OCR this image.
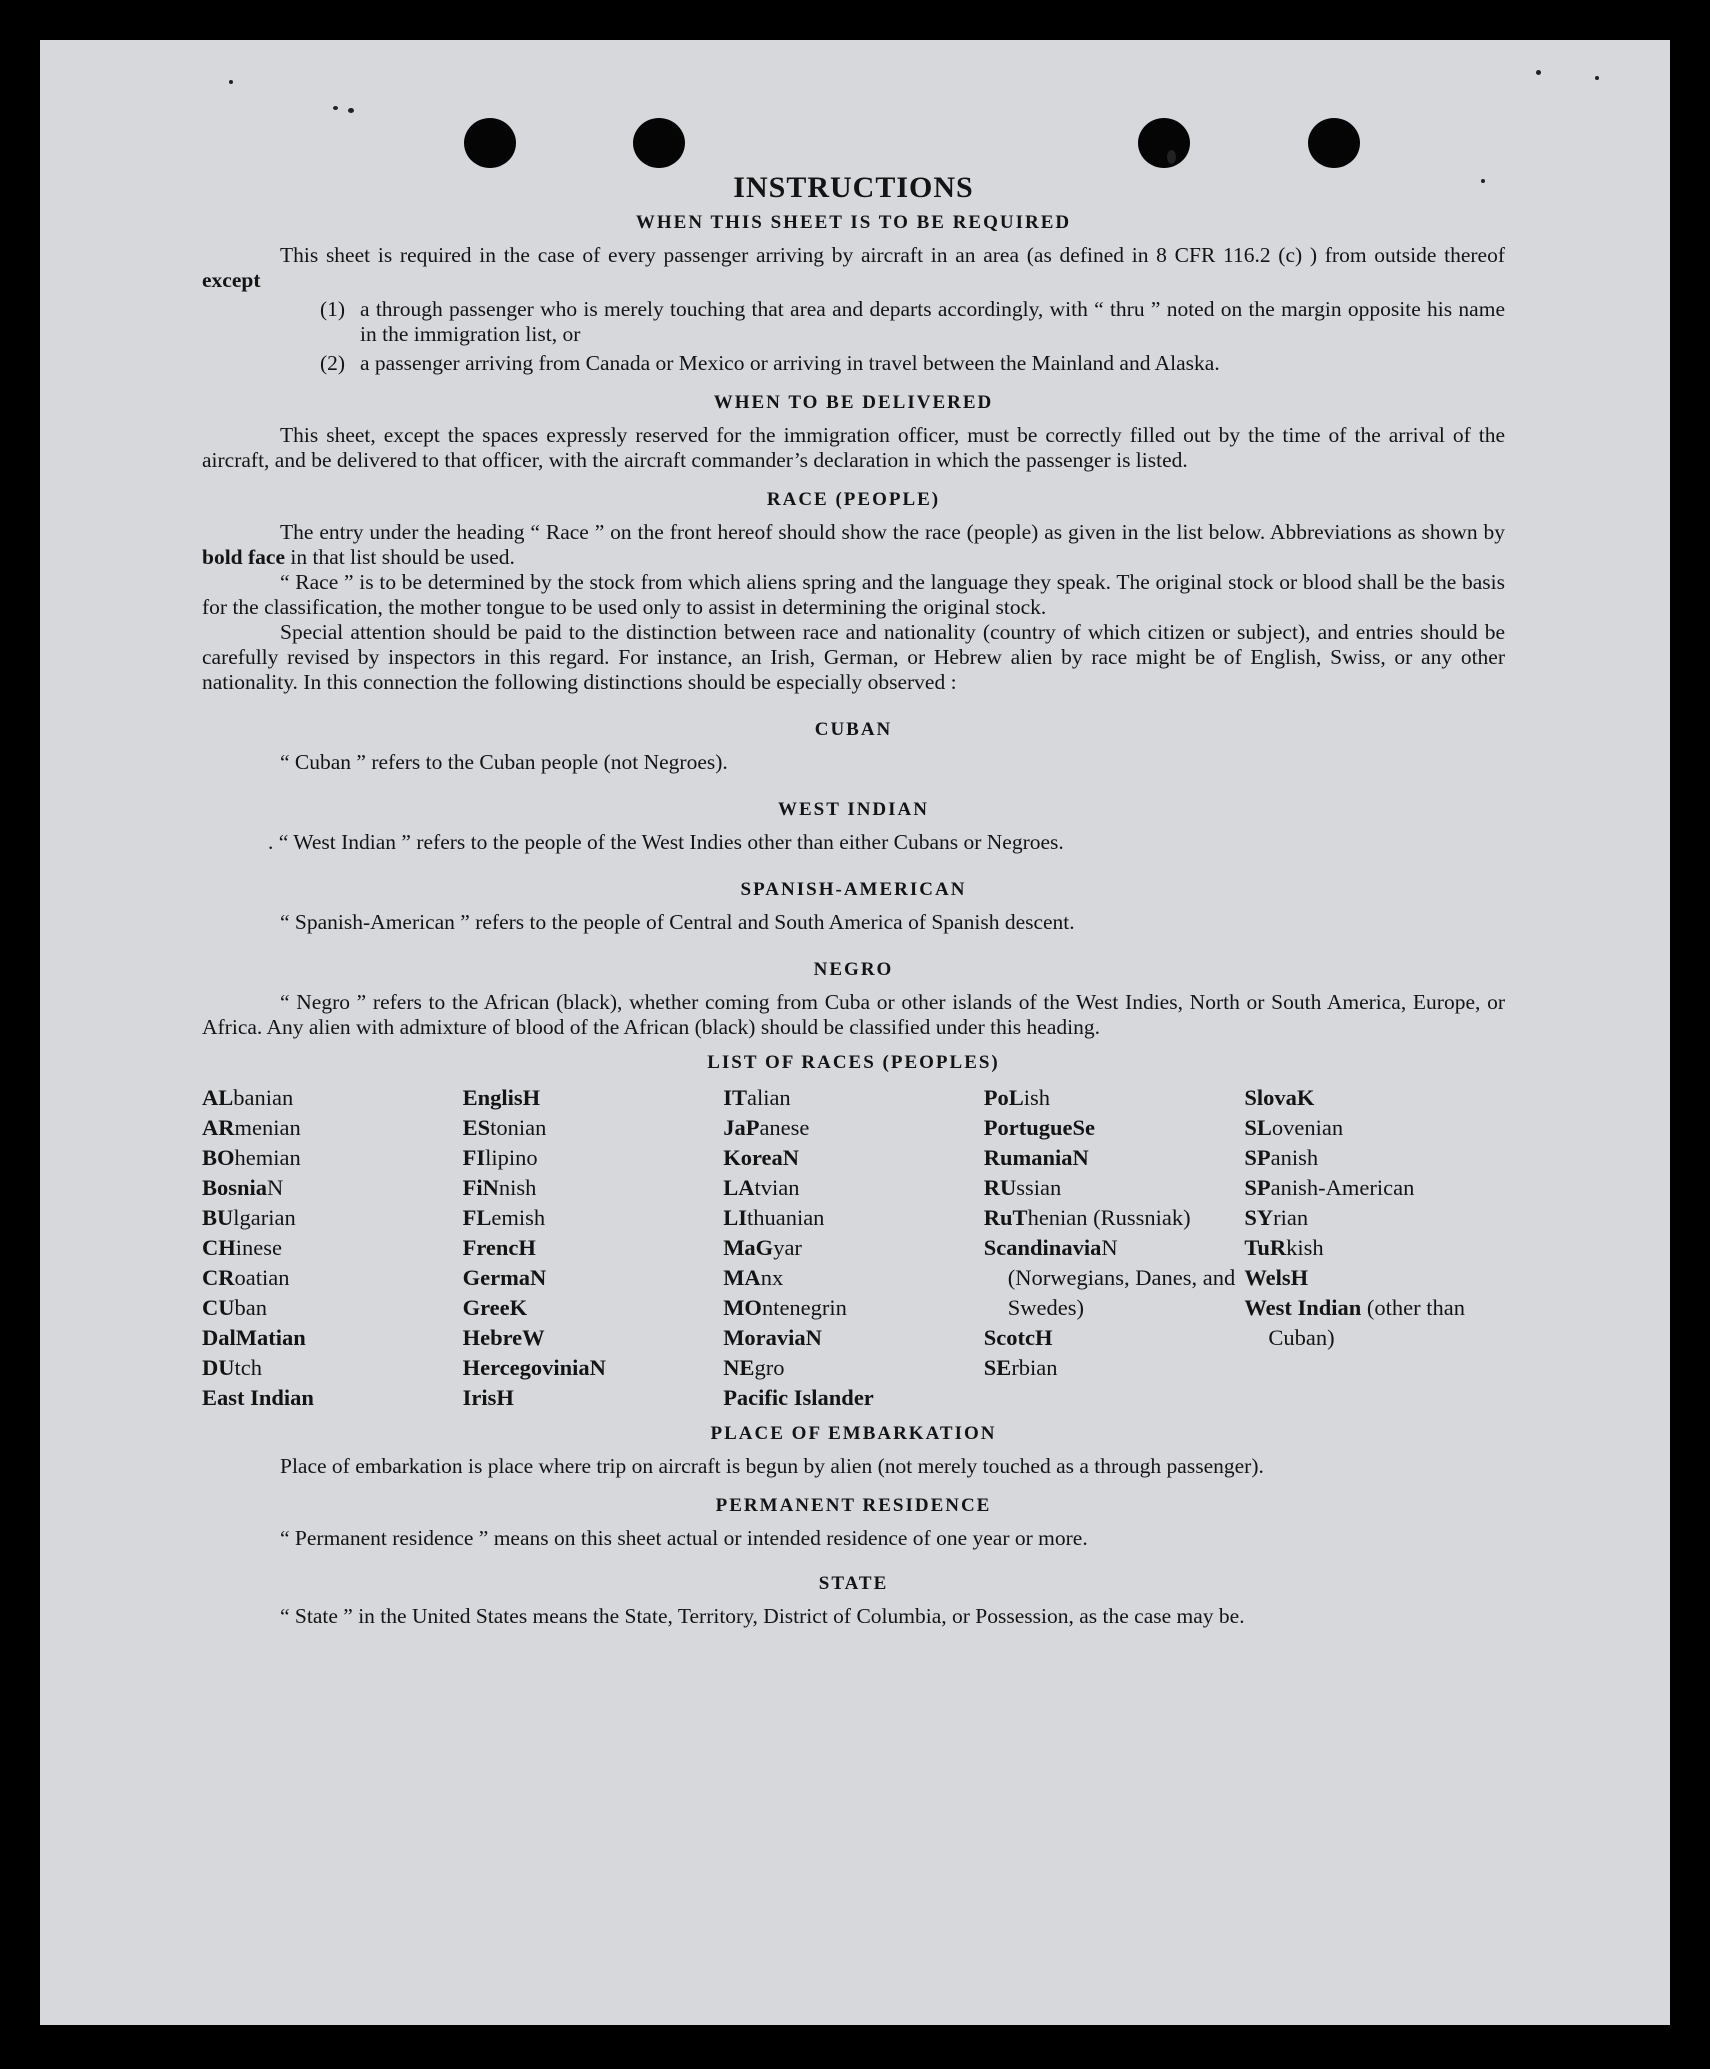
INSTRUCTIONS
WHEN THIS SHEET IS TO BE REQUIRED

This sheet is required in the case of every passenger arriving by aircraft in an area (as defined in 8 CFR 116.2 (c) ) from outside thereof except

(1) a through passenger who is merely touching that area and departs accordingly, with “ thru ” noted on the margin opposite his name in the immigration list, or

(2) a passenger arriving from Canada or Mexico or arriving in travel between the Mainland and Alaska.

WHEN TO BE DELIVERED

This sheet, except the spaces expressly reserved for the immigration officer, must be correctly filled out by the time of the arrival of the aircraft, and be delivered to that officer, with the aircraft commander’s declaration in which the passenger is listed.

RACE (PEOPLE)

The entry under the heading “ Race ” on the front hereof should show the race (people) as given in the list below. Abbreviations as shown by bold face in that list should be used.

“ Race ” is to be determined by the stock from which aliens spring and the language they speak. The original stock or blood shall be the basis for the classification, the mother tongue to be used only to assist in determining the original stock.

Special attention should be paid to the distinction between race and nationality (country of which citizen or subject), and entries should be carefully revised by inspectors in this regard. For instance, an Irish, German, or Hebrew alien by race might be of English, Swiss, or any other nationality. In this connection the following distinctions should be especially observed :

CUBAN

“ Cuban ” refers to the Cuban people (not Negroes).

WEST INDIAN

. “ West Indian ” refers to the people of the West Indies other than either Cubans or Negroes.

SPANISH-AMERICAN

“ Spanish-American ” refers to the people of Central and South America of Spanish descent.

NEGRO

“ Negro ” refers to the African (black), whether coming from Cuba or other islands of the West Indies, North or South America, Europe, or Africa. Any alien with admixture of blood of the African (black) should be classified under this heading.

LIST OF RACES (PEOPLES)
ALbanian
ARmenian
BOhemian
BosniaN
BUlgarian
CHinese
CRoatian
CUban
DalMatian
DUtch
East Indian
EnglisH
EStonian
FIlipino
FiNnish
FLemish
FrencH
GermaN
GreeK
HebreW
HercegoviniaN
IrisH
ITalian
JaPanese
KoreaN
LAtvian
LIthuanian
MaGyar
MAnx
MOntenegrin
MoraviaN
NEgro
Pacific Islander
PoLish
PortugueSe
RumaniaN
RUssian
RuThenian (Russniak)
ScandinaviaN (Norwegians, Danes, and Swedes)
ScotcH
SErbian
SlovaK
SLovenian
SPanish
SPanish-American
SYrian
TuRkish
WelsH
West Indian (other than Cuban)
PLACE OF EMBARKATION

Place of embarkation is place where trip on aircraft is begun by alien (not merely touched as a through passenger).

PERMANENT RESIDENCE

“ Permanent residence ” means on this sheet actual or intended residence of one year or more.

STATE

“ State ” in the United States means the State, Territory, District of Columbia, or Possession, as the case may be.
